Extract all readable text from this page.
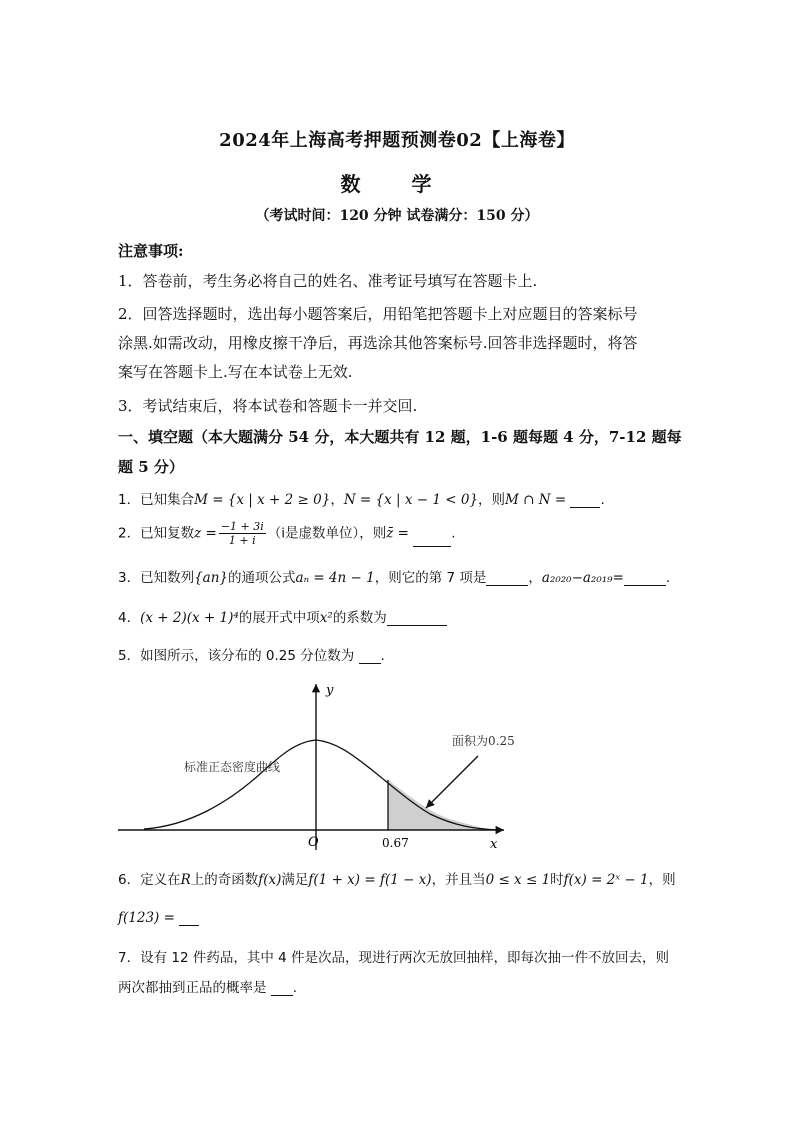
2024年上海高考押题预测卷02【上海卷】
数 学
（考试时间：120 分钟 试卷满分：150 分）
注意事项:
1．答卷前，考生务必将自己的姓名、准考证号填写在答题卡上.
2．回答选择题时，选出每小题答案后，用铅笔把答题卡上对应题目的答案标号
涂黑.如需改动，用橡皮擦干净后，再选涂其他答案标号.回答非选择题时，将答
案写在答题卡上.写在本试卷上无效.
3．考试结束后，将本试卷和答题卡一并交回.
一、填空题（本大题满分 54 分，本大题共有 12 题，1-6 题每题 4 分，7-12 题每
题 5 分）
1．已知集合M = {x | x + 2 ≥ 0}，N = {x | x − 1 < 0}，则M ∩ N =	.
2．已知复数$z = \frac{-1 + 3i}{1 + i} (i$是虚数单位），则z̄ =	.
3．已知数列{an}的通项公式aₙ = 4n − 1，则它的第 7 项是	，a₂₀₂₀−a₂₀₁₉=	.
4．(x + 2)(x + 1)⁴的展开式中项x²的系数为
5．如图所示，该分布的 0.25 分位数为 .
y
x
O	0.67
标准正态密度曲线
面积为0.25
6．定义在R上的奇函数f(x)满足f(1 + x) = f(1 − x)，并且当0 ≤ x ≤ 1时f(x) = 2ˣ − 1，则
f(123) =
7．设有 12 件药品，其中 4 件是次品，现进行两次无放回抽样，即每次抽一件不放回去，则
两次都抽到正品的概率是 .
